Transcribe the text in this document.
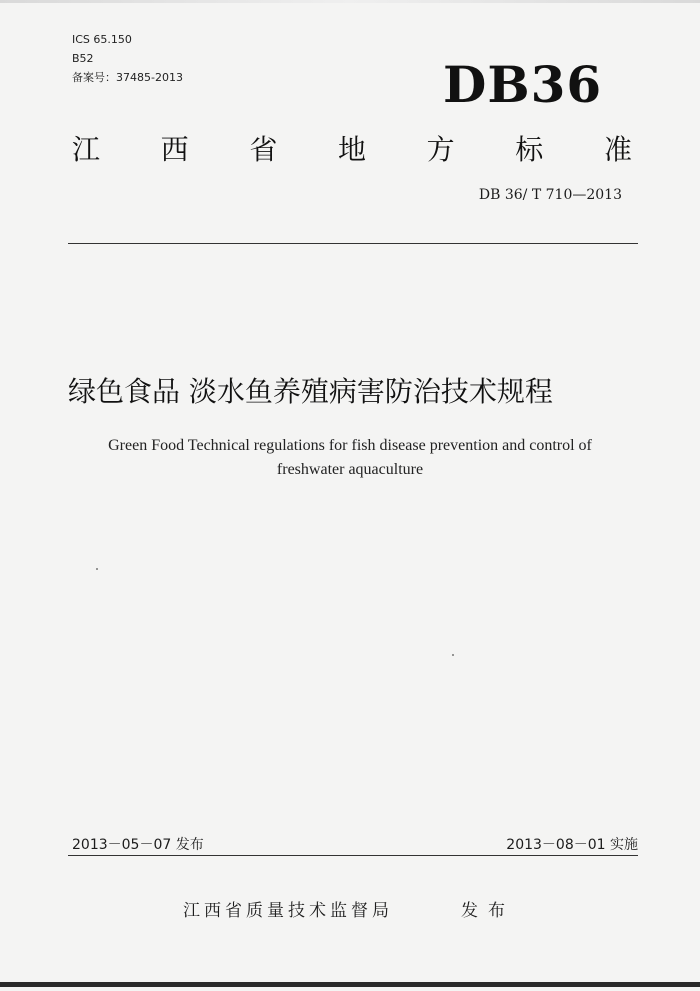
ICS 65.150
B52
备案号：37485-2013	DB36
江 西 省 地 方 标 准
DB 36/ T 710—2013
绿色食品 淡水鱼养殖病害防治技术规程
Green Food Technical regulations for fish disease prevention and control of
freshwater aquaculture
2013－05－07 发布	2013－08－01 实施
江西省质量技术监督局	发布
